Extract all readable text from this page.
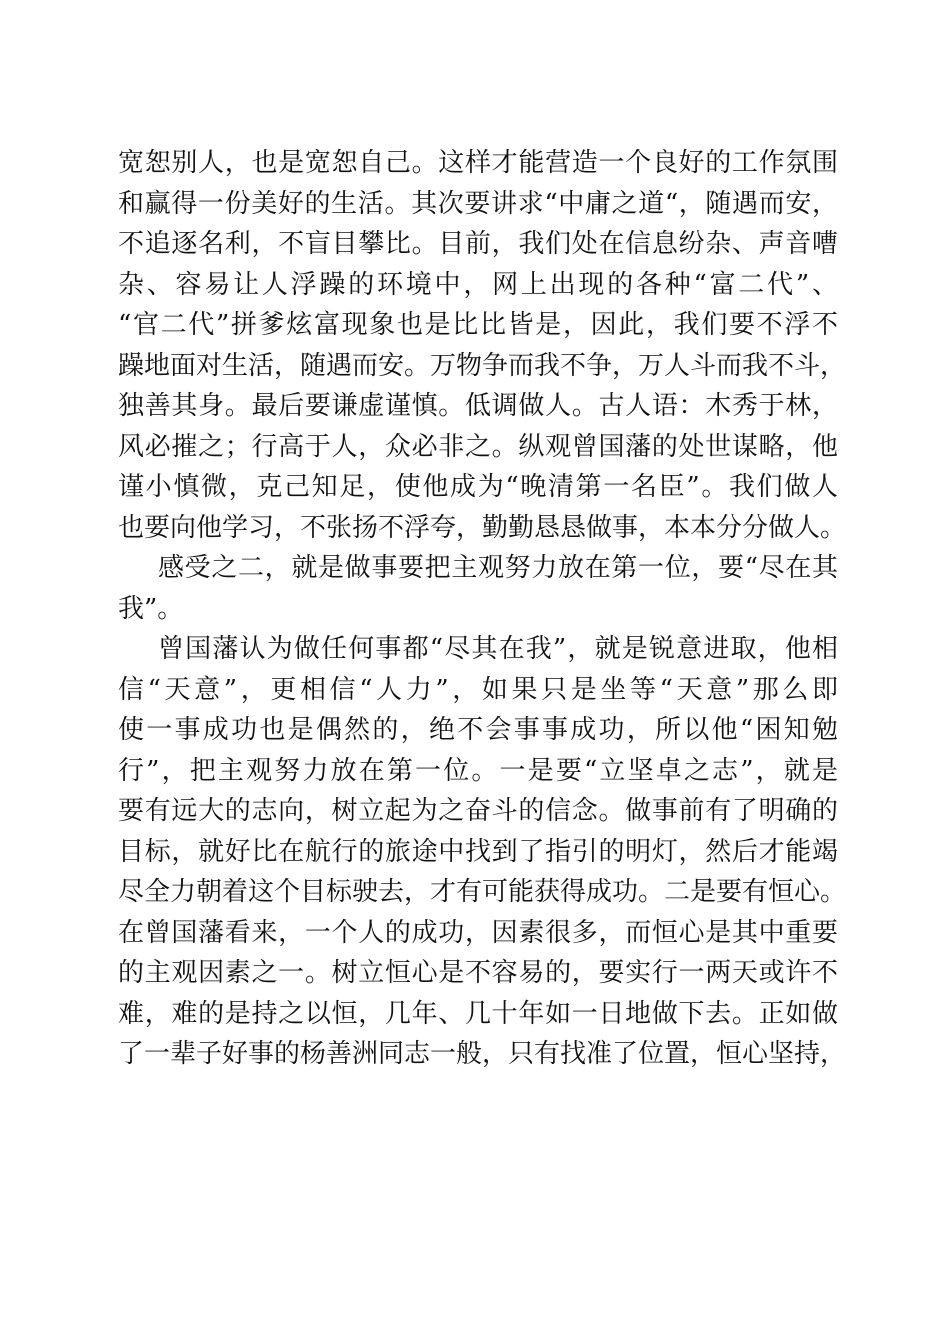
宽恕别人，也是宽恕自己。这样才能营造一个良好的工作氛围
和赢得一份美好的生活。其次要讲求“中庸之道“，随遇而安，
不追逐名利，不盲目攀比。目前，我们处在信息纷杂、声音嘈
杂、容易让人浮躁的环境中，网上出现的各种“富二代”、
“官二代”拼爹炫富现象也是比比皆是，因此，我们要不浮不
躁地面对生活，随遇而安。万物争而我不争，万人斗而我不斗，
独善其身。最后要谦虚谨慎。低调做人。古人语：木秀于林，
风必摧之；行高于人，众必非之。纵观曾国藩的处世谋略，他
谨小慎微，克己知足，使他成为“晚清第一名臣”。我们做人
也要向他学习，不张扬不浮夸，勤勤恳恳做事，本本分分做人。
感受之二，就是做事要把主观努力放在第一位，要“尽在其
我”。
曾国藩认为做任何事都“尽其在我”，就是锐意进取，他相
信“天意”，更相信“人力”，如果只是坐等“天意”那么即
使一事成功也是偶然的，绝不会事事成功，所以他“困知勉
行”，把主观努力放在第一位。一是要“立坚卓之志”，就是
要有远大的志向，树立起为之奋斗的信念。做事前有了明确的
目标，就好比在航行的旅途中找到了指引的明灯，然后才能竭
尽全力朝着这个目标驶去，才有可能获得成功。二是要有恒心。
在曾国藩看来，一个人的成功，因素很多，而恒心是其中重要
的主观因素之一。树立恒心是不容易的，要实行一两天或许不
难，难的是持之以恒，几年、几十年如一日地做下去。正如做
了一辈子好事的杨善洲同志一般，只有找准了位置，恒心坚持，
